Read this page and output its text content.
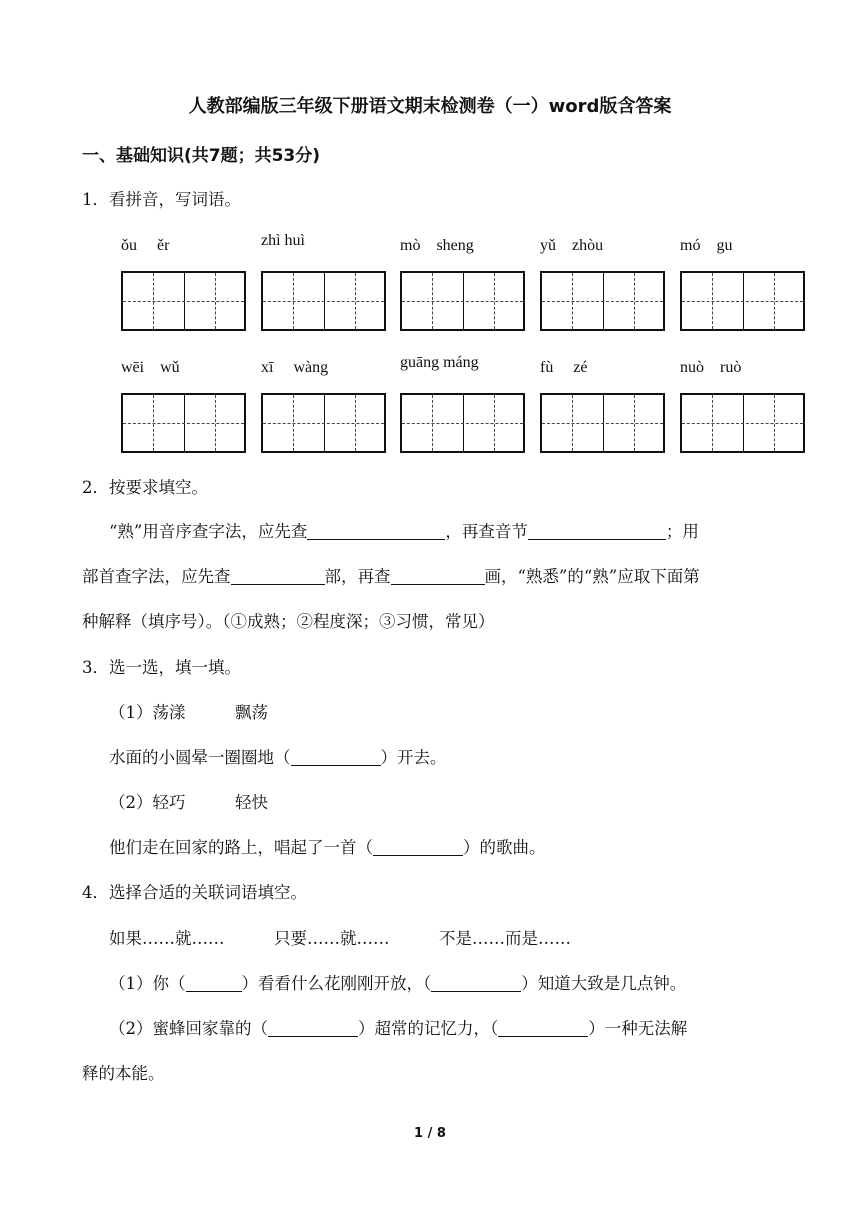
人教部编版三年级下册语文期末检测卷（一）word版含答案
一、基础知识(共7题；共53分)
1．看拼音，写词语。
ǒu　 ěr	zhì huì	mò　sheng	yǔ　zhòu	mó　gu
wēi　wǔ	xī　 wàng	guāng máng	fù　 zé	nuò　ruò
2．按要求填空。
“熟”用音序查字法，应先查	，再查音节	；用
部首查字法，应先查	部，再查	画，“熟悉”的“熟”应取下面第
种解释（填序号）。（①成熟；②程度深；③习惯，常见）
3．选一选，填一填。
（1）荡漾　　　飘荡
水面的小圆晕一圈圈地（	）开去。
（2）轻巧　　　轻快
他们走在回家的路上，唱起了一首（	）的歌曲。
4．选择合适的关联词语填空。
如果……就……　　　只要……就……　　　不是……而是……
（1）你（	）看看什么花刚刚开放，（	）知道大致是几点钟。
（2）蜜蜂回家靠的（	）超常的记忆力，（	）一种无法解
释的本能。
1 / 8
